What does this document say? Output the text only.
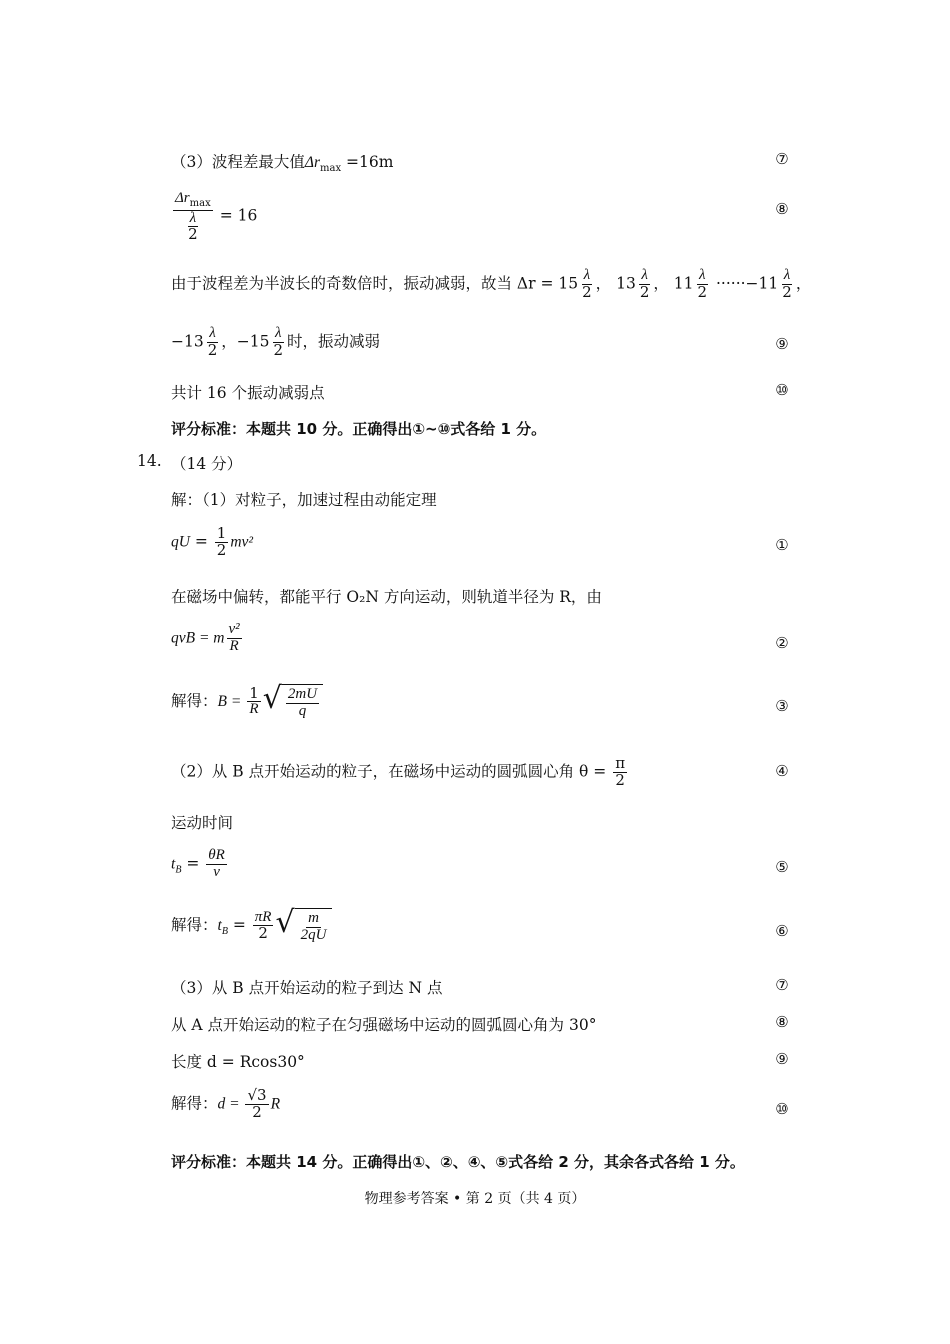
（3）波程差最大值$\Delta r_{max} =16m$	⑦
$\frac{\Delta r_{max}}{\frac{\lambda}{2}} = 16$	⑧
由于波程差为半波长的奇数倍时，振动减弱，故当 $\Delta r = 15 \frac{\lambda}{2}$ ， $13 \frac{\lambda}{2}$ ， $11 \frac{\lambda}{2} \cdot\cdot\cdot\cdot\cdot\cdot-11 \frac{\lambda}{2}$ ，
$-13 \frac{\lambda}{2}$ ，$-15 \frac{\lambda}{2}$ 时，振动减弱	⑨
共计 16 个振动减弱点	⑩
评分标准：本题共 10 分。正确得出①~⑩式各给 1 分。
14. （14 分）
解：（1）对粒子，加速过程由动能定理
qU = $\frac{1}{2} mv^2$	①
在磁场中偏转，都能平行 O₂N 方向运动，则轨道半径为 R，由
qvB = m $\frac{\text{v²}}{R}$	②
解得：$B = \frac{1}{R}$ √ $\frac{2mU}{q}$	③
（2）从 B 点开始运动的粒子，在磁场中运动的圆弧圆心角 $\theta = \frac{\pi}{2}$	④
运动时间
$t_B = \frac{\theta R}{v}$	⑤
解得：$t_B = \frac{\pi R}{2}$ √ $\frac{m}{2qU}$	⑥
（3）从 B 点开始运动的粒子到达 N 点	⑦
从 A 点开始运动的粒子在匀强磁场中运动的圆弧圆心角为 30°	⑧
长度 d = Rcos30°	⑨
解得：$d = \frac{√3}{2}$ R	⑩
评分标准：本题共 14 分。正确得出①、②、④、⑤式各给 2 分，其余各式各给 1 分。
物理参考答案 • 第 2 页（共 4 页）
